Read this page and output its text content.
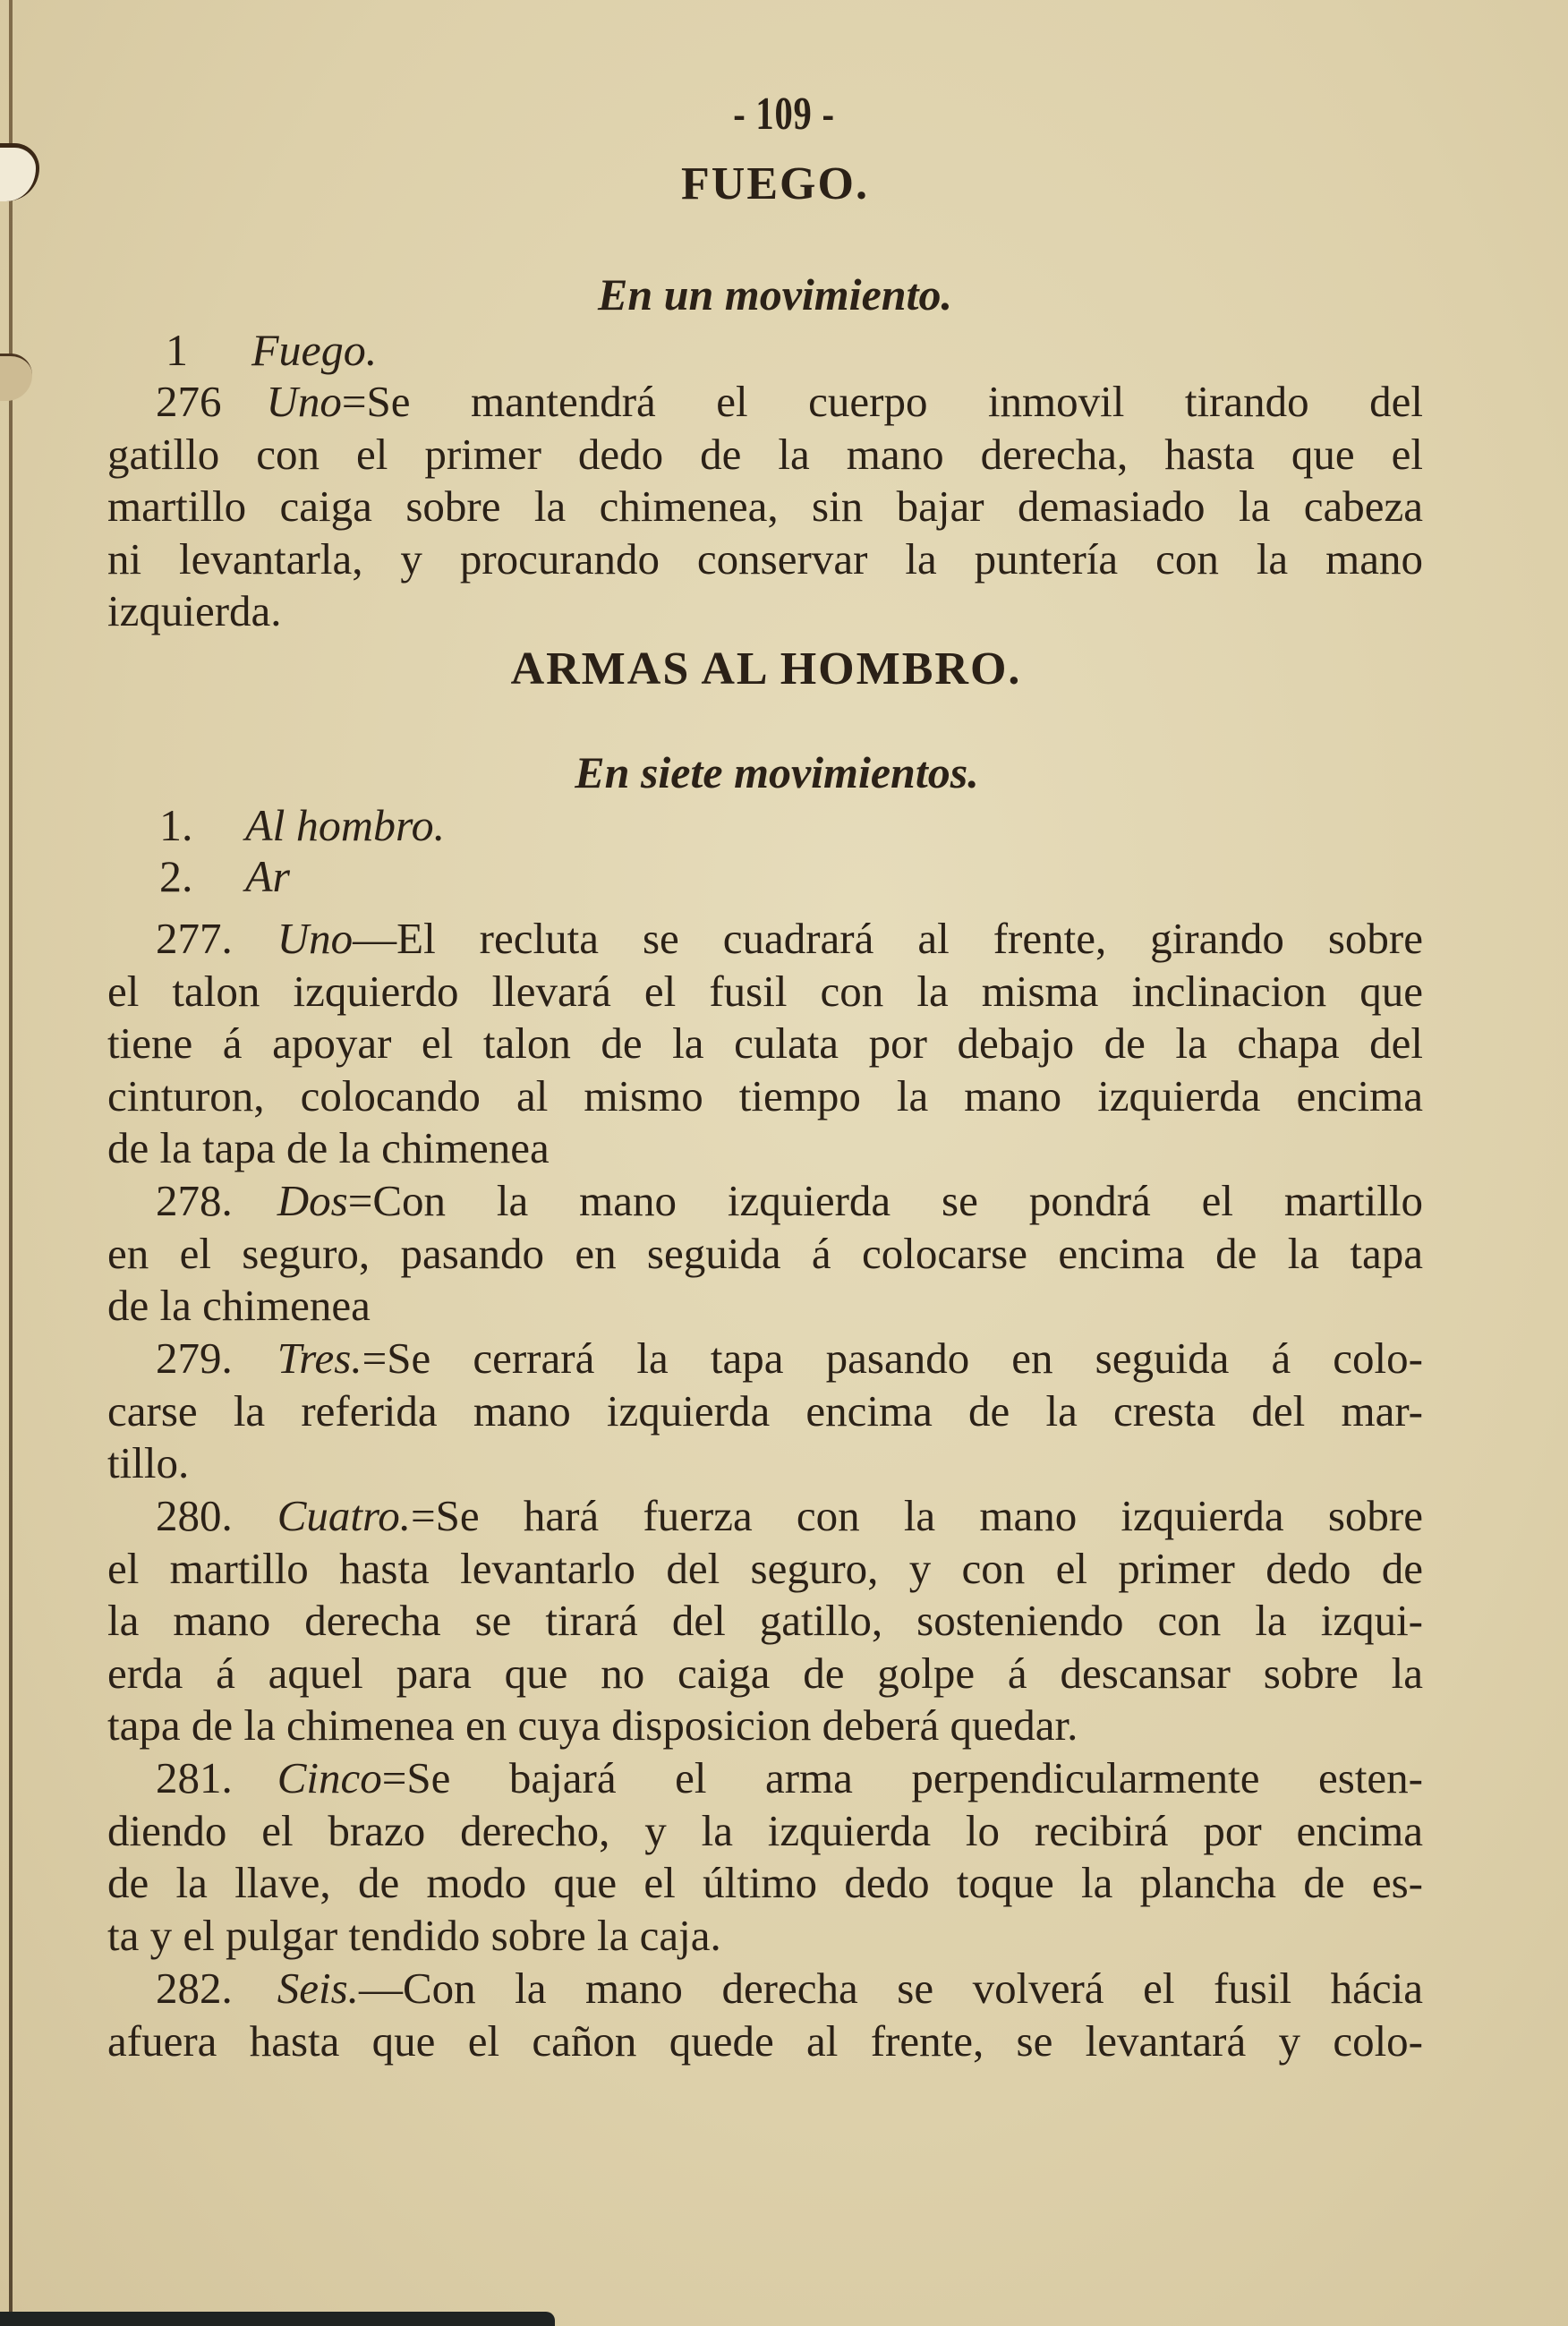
- 109 -
FUEGO.
En un movimiento.
1 Fuego.
276 Uno=Se mantendrá el cuerpo inmovil tirando del
gatillo con el primer dedo de la mano derecha, hasta que el
martillo caiga sobre la chimenea, sin bajar demasiado la cabeza
ni levantarla, y procurando conservar la puntería con la mano
izquierda.
ARMAS AL HOMBRO.
En siete movimientos.
1. Al hombro.
2. Ar
277. Uno—El recluta se cuadrará al frente, girando sobre
el talon izquierdo llevará el fusil con la misma inclinacion que
tiene á apoyar el talon de la culata por debajo de la chapa del
cinturon, colocando al mismo tiempo la mano izquierda encima
de la tapa de la chimenea
278. Dos=Con la mano izquierda se pondrá el martillo
en el seguro, pasando en seguida á colocarse encima de la tapa
de la chimenea
279. Tres.=Se cerrará la tapa pasando en seguida á colo-
carse la referida mano izquierda encima de la cresta del mar-
tillo.
280. Cuatro.=Se hará fuerza con la mano izquierda sobre
el martillo hasta levantarlo del seguro, y con el primer dedo de
la mano derecha se tirará del gatillo, sosteniendo con la izqui-
erda á aquel para que no caiga de golpe á descansar sobre la
tapa de la chimenea en cuya disposicion deberá quedar.
281. Cinco=Se bajará el arma perpendicularmente esten-
diendo el brazo derecho, y la izquierda lo recibirá por encima
de la llave, de modo que el último dedo toque la plancha de es-
ta y el pulgar tendido sobre la caja.
282. Seis.—Con la mano derecha se volverá el fusil hácia
afuera hasta que el cañon quede al frente, se levantará y colo-
